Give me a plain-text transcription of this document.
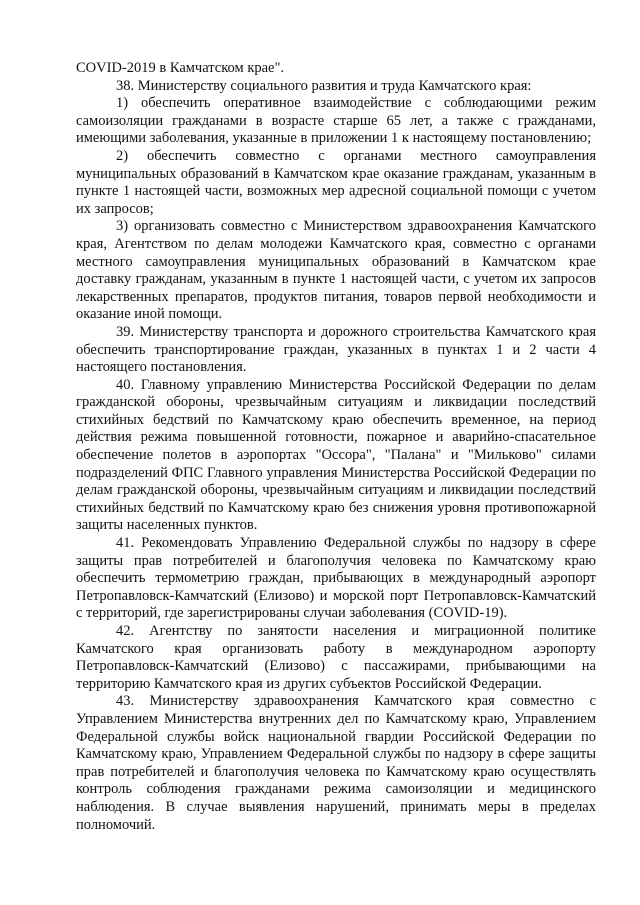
COVID-2019 в Камчатском крае".

38. Министерству социального развития и труда Камчатского края:

1) обеспечить оперативное взаимодействие с соблюдающими режим самоизоляции гражданами в возрасте старше 65 лет, а также с гражданами, имеющими заболевания, указанные в приложении 1 к настоящему постановлению;

2) обеспечить совместно с органами местного самоуправления муниципальных образований в Камчатском крае оказание гражданам, указанным в пункте 1 настоящей части, возможных мер адресной социальной помощи с учетом их запросов;

3) организовать совместно с Министерством здравоохранения Камчатского края, Агентством по делам молодежи Камчатского края, совместно с органами местного самоуправления муниципальных образований в Камчатском крае доставку гражданам, указанным в пункте 1 настоящей части, с учетом их запросов лекарственных препаратов, продуктов питания, товаров первой необходимости и оказание иной помощи.

39. Министерству транспорта и дорожного строительства Камчатского края обеспечить транспортирование граждан, указанных в пунктах 1 и 2 части 4 настоящего постановления.

40. Главному управлению Министерства Российской Федерации по делам гражданской обороны, чрезвычайным ситуациям и ликвидации последствий стихийных бедствий по Камчатскому краю обеспечить временное, на период действия режима повышенной готовности, пожарное и аварийно-спасательное обеспечение полетов в аэропортах "Оссора", "Палана" и "Мильково" силами подразделений ФПС Главного управления Министерства Российской Федерации по делам гражданской обороны, чрезвычайным ситуациям и ликвидации последствий стихийных бедствий по Камчатскому краю без снижения уровня противопожарной защиты населенных пунктов.

41. Рекомендовать Управлению Федеральной службы по надзору в сфере защиты прав потребителей и благополучия человека по Камчатскому краю обеспечить термометрию граждан, прибывающих в международный аэропорт Петропавловск-Камчатский (Елизово) и морской порт Петропавловск-Камчатский с территорий, где зарегистрированы случаи заболевания (COVID-19).

42. Агентству по занятости населения и миграционной политике Камчатского края организовать работу в международном аэропорту Петропавловск-Камчатский (Елизово) с пассажирами, прибывающими на территорию Камчатского края из других субъектов Российской Федерации.

43. Министерству здравоохранения Камчатского края совместно с Управлением Министерства внутренних дел по Камчатскому краю, Управлением Федеральной службы войск национальной гвардии Российской Федерации по Камчатскому краю, Управлением Федеральной службы по надзору в сфере защиты прав потребителей и благополучия человека по Камчатскому краю осуществлять контроль соблюдения гражданами режима самоизоляции и медицинского наблюдения. В случае выявления нарушений, принимать меры в пределах полномочий.
